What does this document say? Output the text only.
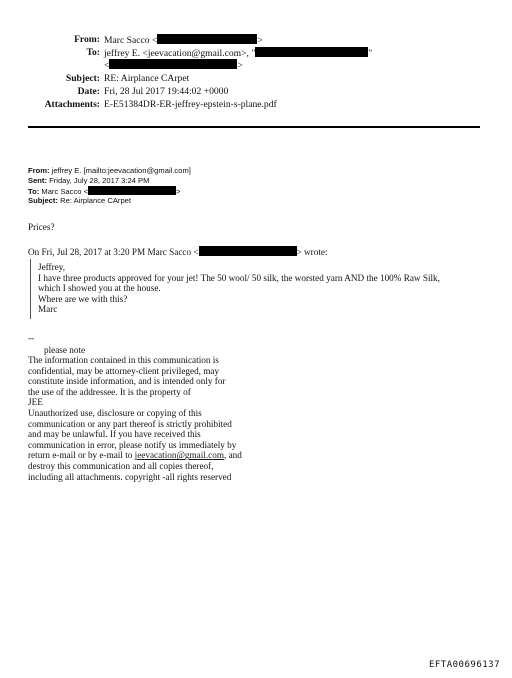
From: Marc Sacco <	>
To: jeffrey E. <jeevacation@gmail.com>, "	"
<	>
Subject: RE: Airplance CArpet
Date: Fri, 28 Jul 2017 19:44:02 +0000
Attachments: E-E51384DR-ER-jeffrey-epstein-s-plane.pdf
From: jeffrey E. [mailto:jeevacation@gmail.com]
Sent: Friday, July 28, 2017 3:24 PM
To: Marc Sacco <	>
Subject: Re: Airplance CArpet
Prices?
On Fri, Jul 28, 2017 at 3:20 PM Marc Sacco <	> wrote:
Jeffrey,
I have three products approved for your jet! The 50 wool/ 50 silk, the worsted yarn AND the 100% Raw Silk,
which I showed you at the house.
Where are we with this?
Marc
--
please note
The information contained in this communication is
confidential, may be attorney-client privileged, may
constitute inside information, and is intended only for
the use of the addressee. It is the property of
JEE
Unauthorized use, disclosure or copying of this
communication or any part thereof is strictly prohibited
and may be unlawful. If you have received this
communication in error, please notify us immediately by
return e-mail or by e-mail to jeevacation@gmail.com, and
destroy this communication and all copies thereof,
including all attachments. copyright -all rights reserved
EFTA00696137
